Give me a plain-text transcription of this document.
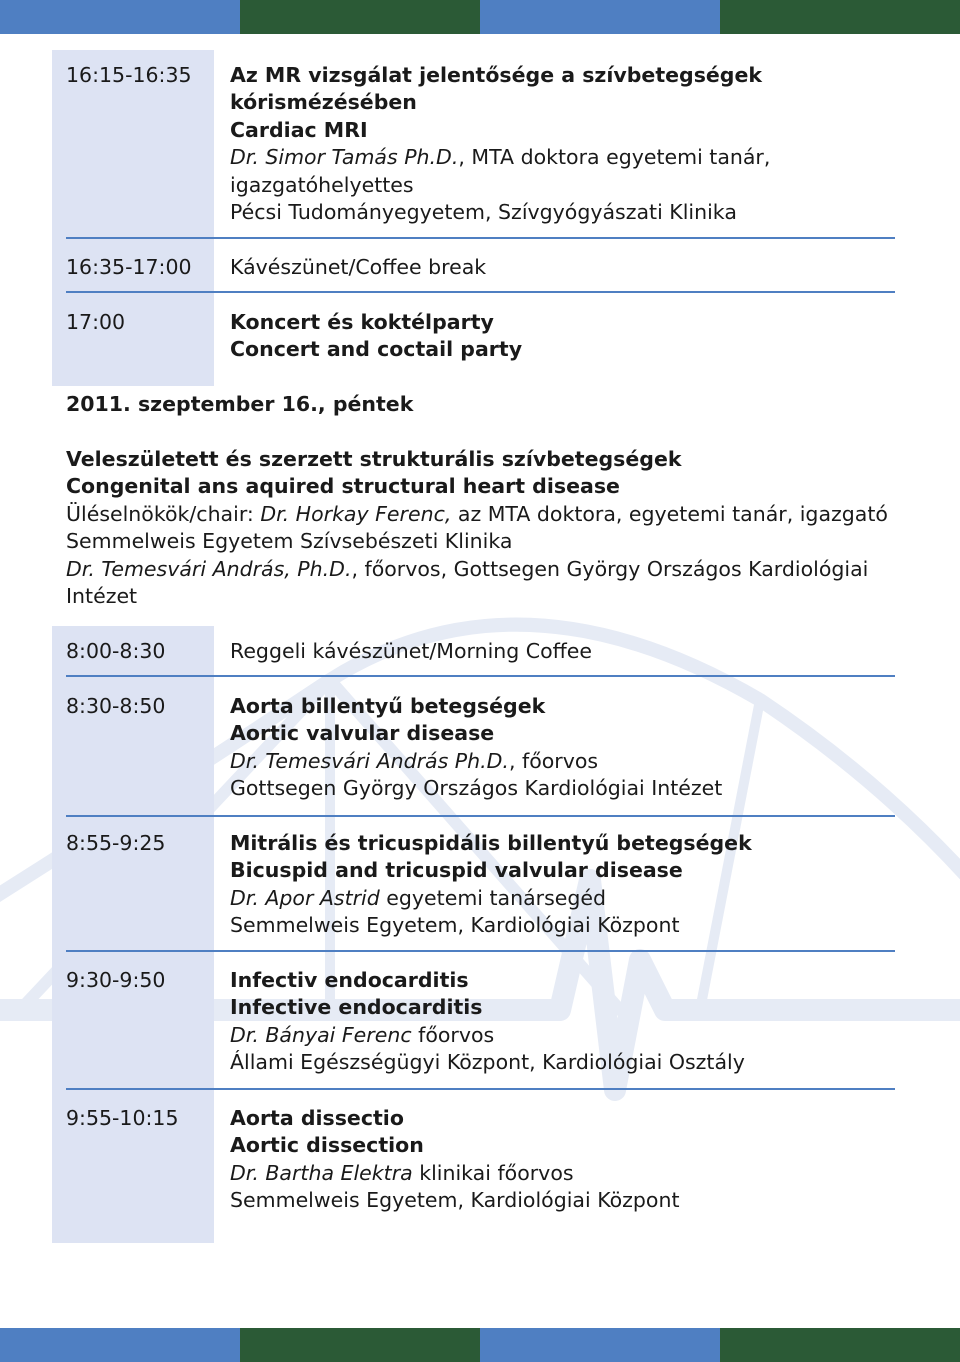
16:15-16:35 Az MR vizsgálat jelentősége a szívbetegségek
kórismézésében
Cardiac MRI
Dr. Simor Tamás Ph.D., MTA doktora egyetemi tanár,
igazgatóhelyettes
Pécsi Tudományegyetem, Szívgyógyászati Klinika
16:35-17:00 Kávészünet/Coffee break
17:00	Koncert és koktélparty
Concert and coctail party
2011. szeptember 16., péntek
Veleszületett és szerzett strukturális szívbetegségek
Congenital ans aquired structural heart disease
Üléselnökök/chair: Dr. Horkay Ferenc, az MTA doktora, egyetemi tanár, igazgató
Semmelweis Egyetem Szívsebészeti Klinika
Dr. Temesvári András, Ph.D., főorvos, Gottsegen György Országos Kardiológiai
Intézet
8:00-8:30	Reggeli kávészünet/Morning Coffee
8:30-8:50	Aorta billentyű betegségek
Aortic valvular disease
Dr. Temesvári András Ph.D., főorvos
Gottsegen György Országos Kardiológiai Intézet
8:55-9:25	Mitrális és tricuspidális billentyű betegségek
Bicuspid and tricuspid valvular disease
Dr. Apor Astrid egyetemi tanársegéd
Semmelweis Egyetem, Kardiológiai Központ
9:30-9:50	Infectiv endocarditis
Infective endocarditis
Dr. Bányai Ferenc főorvos
Állami Egészségügyi Központ, Kardiológiai Osztály
9:55-10:15	Aorta dissectio
Aortic dissection
Dr. Bartha Elektra klinikai főorvos
Semmelweis Egyetem, Kardiológiai Központ
